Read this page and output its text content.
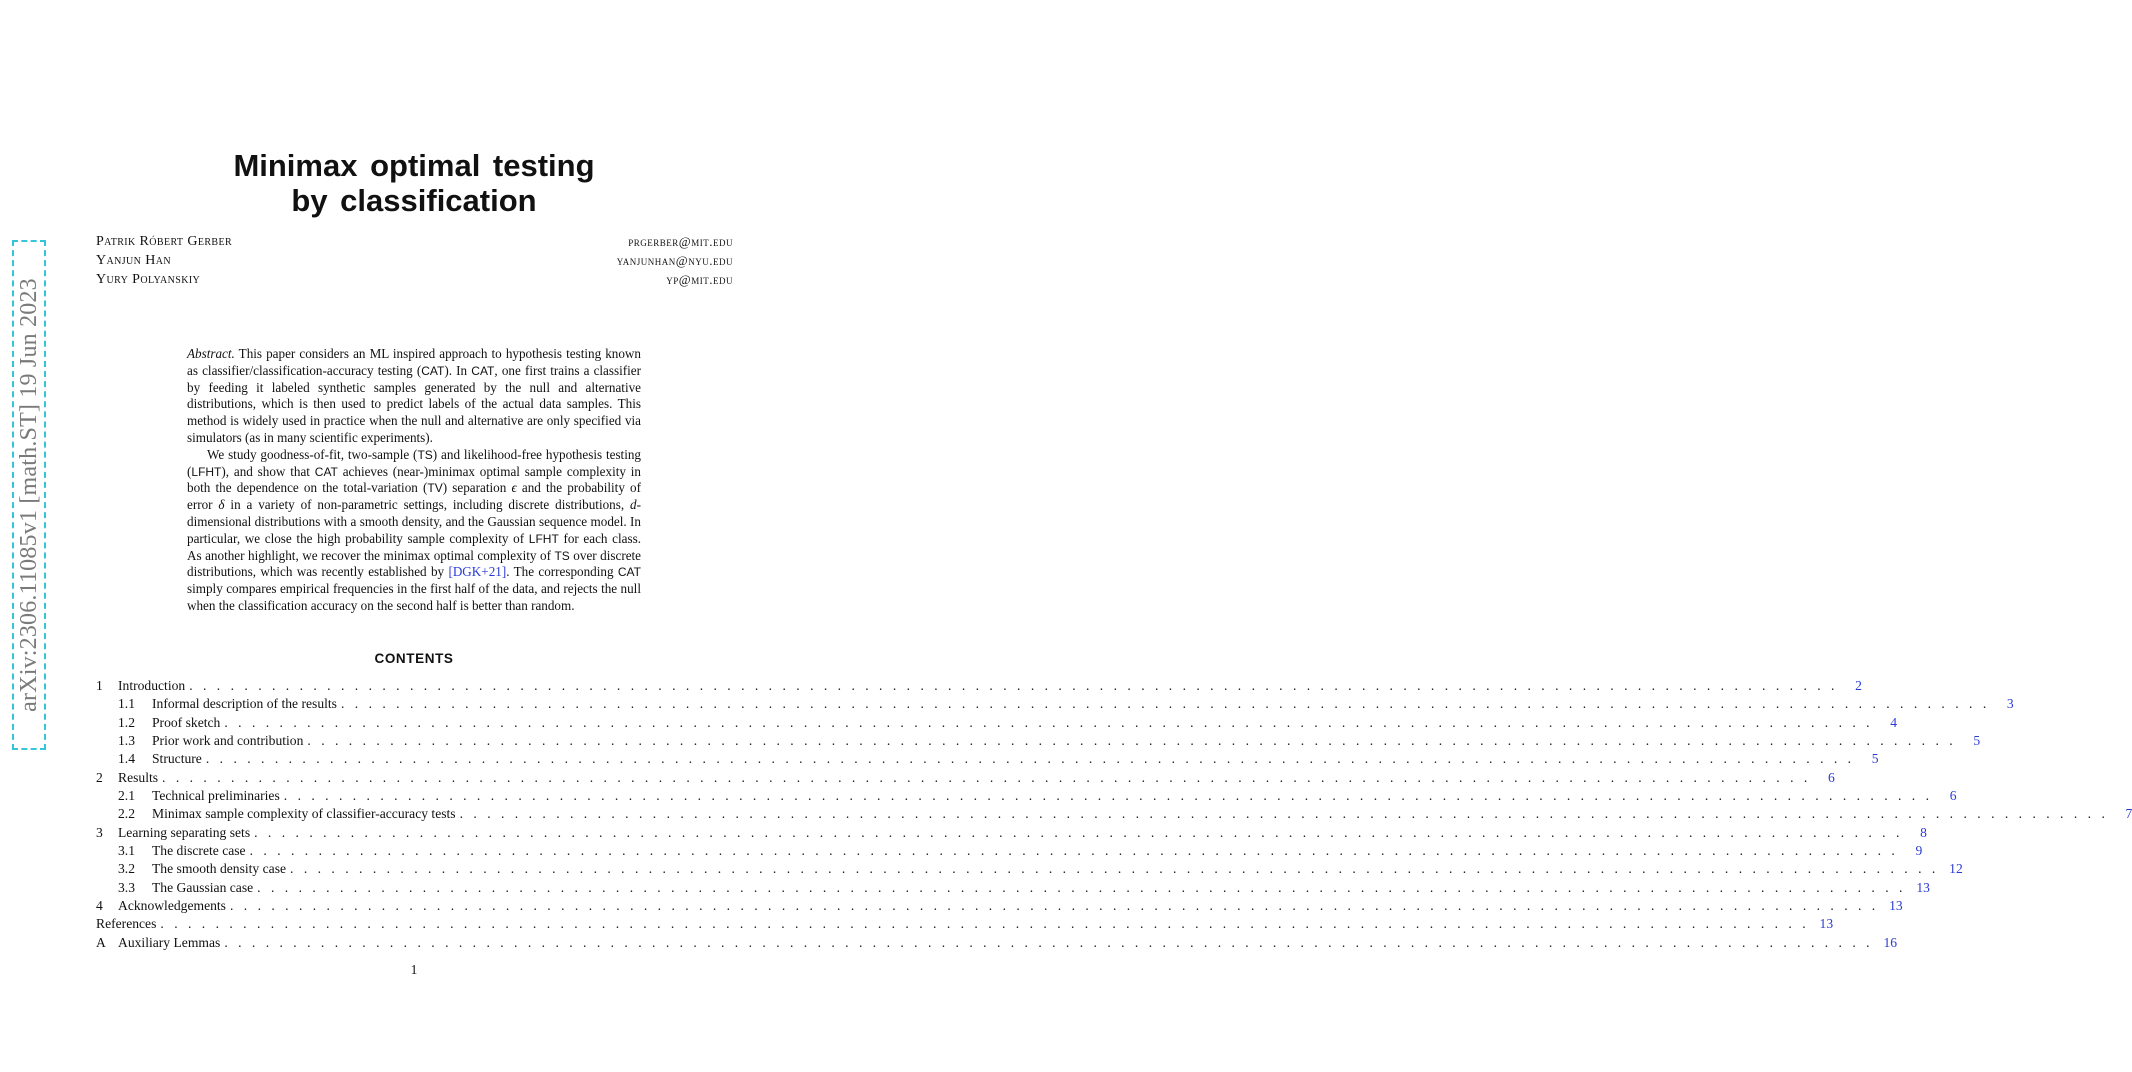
arXiv:2306.11085v1 [math.ST] 19 Jun 2023
Minimax optimal testing
by classification
Patrik Róbert Gerber	prgerber@mit.edu
Yanjun Han	yanjunhan@nyu.edu
Yury Polyanskiy	yp@mit.edu

Abstract. This paper considers an ML inspired approach to hypothesis testing known as classifier/classification-accuracy testing (CAT). In CAT, one first trains a classifier by feeding it labeled synthetic samples generated by the null and alternative distributions, which is then used to predict labels of the actual data samples. This method is widely used in practice when the null and alternative are only specified via simulators (as in many scientific experiments).

We study goodness-of-fit, two-sample (TS) and likelihood-free hypothesis testing (LFHT), and show that CAT achieves (near-)minimax optimal sample complexity in both the dependence on the total-variation (TV) separation ϵ and the probability of error δ in a variety of non-parametric settings, including discrete distributions, d-dimensional distributions with a smooth density, and the Gaussian sequence model. In particular, we close the high probability sample complexity of LFHT for each class. As another highlight, we recover the minimax optimal complexity of TS over discrete distributions, which was recently established by [DGK+21]. The corresponding CAT simply compares empirical frequencies in the first half of the data, and rejects the null when the classification accuracy on the second half is better than random.

CONTENTS
1	Introduction . . . . . . . . . . . . . . . . . . . . . . . . . . . . . . . . . . . . . . . . . . . . . . . . . . . . . . . . . . . . . . . . . . . . . . . . . . . . . . . . . . . . . . . . . . . . . . . . . . . . . . . . . . . . . . . . . . . . . . . .	2
1.1	Informal description of the results . . . . . . . . . . . . . . . . . . . . . . . . . . . . . . . . . . . . . . . . . . . . . . . . . . . . . . . . . . . . . . . . . . . . . . . . . . . . . . . . . . . . . . . . . . . . . . . . . . . . . . . . . . . . . . . . . . . . . . . .	3
1.2	Proof sketch . . . . . . . . . . . . . . . . . . . . . . . . . . . . . . . . . . . . . . . . . . . . . . . . . . . . . . . . . . . . . . . . . . . . . . . . . . . . . . . . . . . . . . . . . . . . . . . . . . . . . . . . . . . . . . . . . . . . . . . .	4
1.3	Prior work and contribution . . . . . . . . . . . . . . . . . . . . . . . . . . . . . . . . . . . . . . . . . . . . . . . . . . . . . . . . . . . . . . . . . . . . . . . . . . . . . . . . . . . . . . . . . . . . . . . . . . . . . . . . . . . . . . . . . . . . . . . .	5
1.4	Structure . . . . . . . . . . . . . . . . . . . . . . . . . . . . . . . . . . . . . . . . . . . . . . . . . . . . . . . . . . . . . . . . . . . . . . . . . . . . . . . . . . . . . . . . . . . . . . . . . . . . . . . . . . . . . . . . . . . . . . . .	5
2	Results . . . . . . . . . . . . . . . . . . . . . . . . . . . . . . . . . . . . . . . . . . . . . . . . . . . . . . . . . . . . . . . . . . . . . . . . . . . . . . . . . . . . . . . . . . . . . . . . . . . . . . . . . . . . . . . . . . . . . . . .	6
2.1	Technical preliminaries . . . . . . . . . . . . . . . . . . . . . . . . . . . . . . . . . . . . . . . . . . . . . . . . . . . . . . . . . . . . . . . . . . . . . . . . . . . . . . . . . . . . . . . . . . . . . . . . . . . . . . . . . . . . . . . . . . . . . . . .	6
2.2	Minimax sample complexity of classifier-accuracy tests . . . . . . . . . . . . . . . . . . . . . . . . . . . . . . . . . . . . . . . . . . . . . . . . . . . . . . . . . . . . . . . . . . . . . . . . . . . . . . . . . . . . . . . . . . . . . . . . . . . . . . . . . . . . . . . . . . . . . . . .	7
3	Learning separating sets . . . . . . . . . . . . . . . . . . . . . . . . . . . . . . . . . . . . . . . . . . . . . . . . . . . . . . . . . . . . . . . . . . . . . . . . . . . . . . . . . . . . . . . . . . . . . . . . . . . . . . . . . . . . . . . . . . . . . . . .	8
3.1	The discrete case . . . . . . . . . . . . . . . . . . . . . . . . . . . . . . . . . . . . . . . . . . . . . . . . . . . . . . . . . . . . . . . . . . . . . . . . . . . . . . . . . . . . . . . . . . . . . . . . . . . . . . . . . . . . . . . . . . . . . . . .	9
3.2	The smooth density case . . . . . . . . . . . . . . . . . . . . . . . . . . . . . . . . . . . . . . . . . . . . . . . . . . . . . . . . . . . . . . . . . . . . . . . . . . . . . . . . . . . . . . . . . . . . . . . . . . . . . . . . . . . . . . . . . . . . . . . . 12
3.3	The Gaussian case . . . . . . . . . . . . . . . . . . . . . . . . . . . . . . . . . . . . . . . . . . . . . . . . . . . . . . . . . . . . . . . . . . . . . . . . . . . . . . . . . . . . . . . . . . . . . . . . . . . . . . . . . . . . . . . . . . . . . . . . 13
4	Acknowledgements . . . . . . . . . . . . . . . . . . . . . . . . . . . . . . . . . . . . . . . . . . . . . . . . . . . . . . . . . . . . . . . . . . . . . . . . . . . . . . . . . . . . . . . . . . . . . . . . . . . . . . . . . . . . . . . . . . . . . . . . 13
References . . . . . . . . . . . . . . . . . . . . . . . . . . . . . . . . . . . . . . . . . . . . . . . . . . . . . . . . . . . . . . . . . . . . . . . . . . . . . . . . . . . . . . . . . . . . . . . . . . . . . . . . . . . . . . . . . . . . . . . . 13
A Auxiliary Lemmas . . . . . . . . . . . . . . . . . . . . . . . . . . . . . . . . . . . . . . . . . . . . . . . . . . . . . . . . . . . . . . . . . . . . . . . . . . . . . . . . . . . . . . . . . . . . . . . . . . . . . . . . . . . . . . . . . . . . . . . . 16
1
